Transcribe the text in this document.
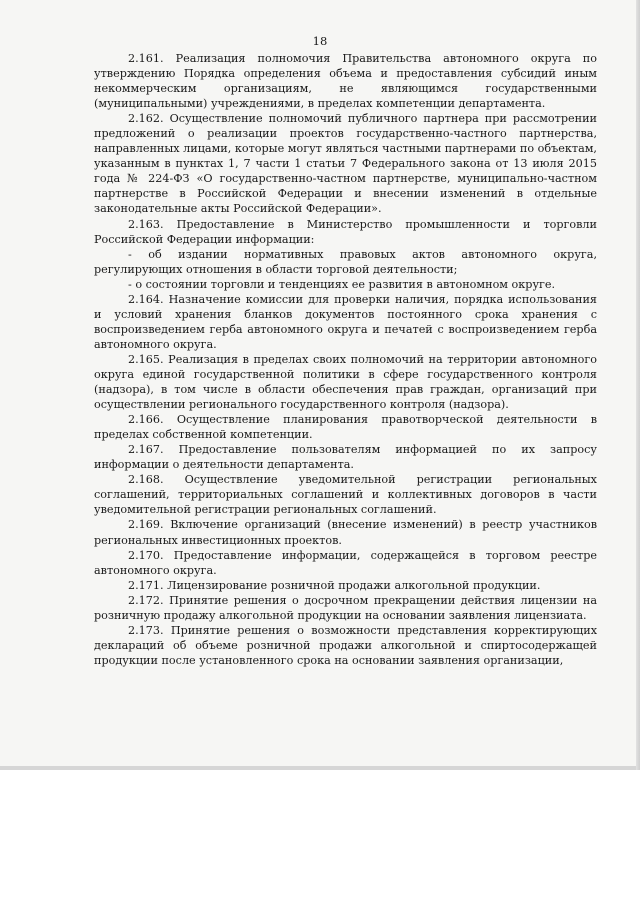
18

2.161. Реализация полномочия Правительства автономного округа по утверждению Порядка определения объема и предоставления субсидий иным некоммерческим организациям, не являющимся государственными (муниципальными) учреждениями, в пределах компетенции департамента.

2.162. Осуществление полномочий публичного партнера при рассмотрении предложений о реализации проектов государственно-частного партнерства, направленных лицами, которые могут являться частными партнерами по объектам, указанным в пунктах 1, 7 части 1 статьи 7 Федерального закона от 13 июля 2015 года № 224-ФЗ «О государственно-частном партнерстве, муниципально-частном партнерстве в Российской Федерации и внесении изменений в отдельные законодательные акты Российской Федерации».

2.163. Предоставление в Министерство промышленности и торговли Российской Федерации информации:

- об издании нормативных правовых актов автономного округа, регулирующих отношения в области торговой деятельности;

- о состоянии торговли и тенденциях ее развития в автономном округе.

2.164. Назначение комиссии для проверки наличия, порядка использования и условий хранения бланков документов постоянного срока хранения с воспроизведением герба автономного округа и печатей с воспроизведением герба автономного округа.

2.165. Реализация в пределах своих полномочий на территории автономного округа единой государственной политики в сфере государственного контроля (надзора), в том числе в области обеспечения прав граждан, организаций при осуществлении регионального государственного контроля (надзора).

2.166. Осуществление планирования правотворческой деятельности в пределах собственной компетенции.

2.167. Предоставление пользователям информацией по их запросу информации о деятельности департамента.

2.168. Осуществление уведомительной регистрации региональных соглашений, территориальных соглашений и коллективных договоров в части уведомительной регистрации региональных соглашений.

2.169. Включение организаций (внесение изменений) в реестр участников региональных инвестиционных проектов.

2.170. Предоставление информации, содержащейся в торговом реестре автономного округа.

2.171. Лицензирование розничной продажи алкогольной продукции.

2.172. Принятие решения о досрочном прекращении действия лицензии на розничную продажу алкогольной продукции на основании заявления лицензиата.

2.173. Принятие решения о возможности представления корректирующих деклараций об объеме розничной продажи алкогольной и спиртосодержащей продукции после установленного срока на основании заявления организации,
